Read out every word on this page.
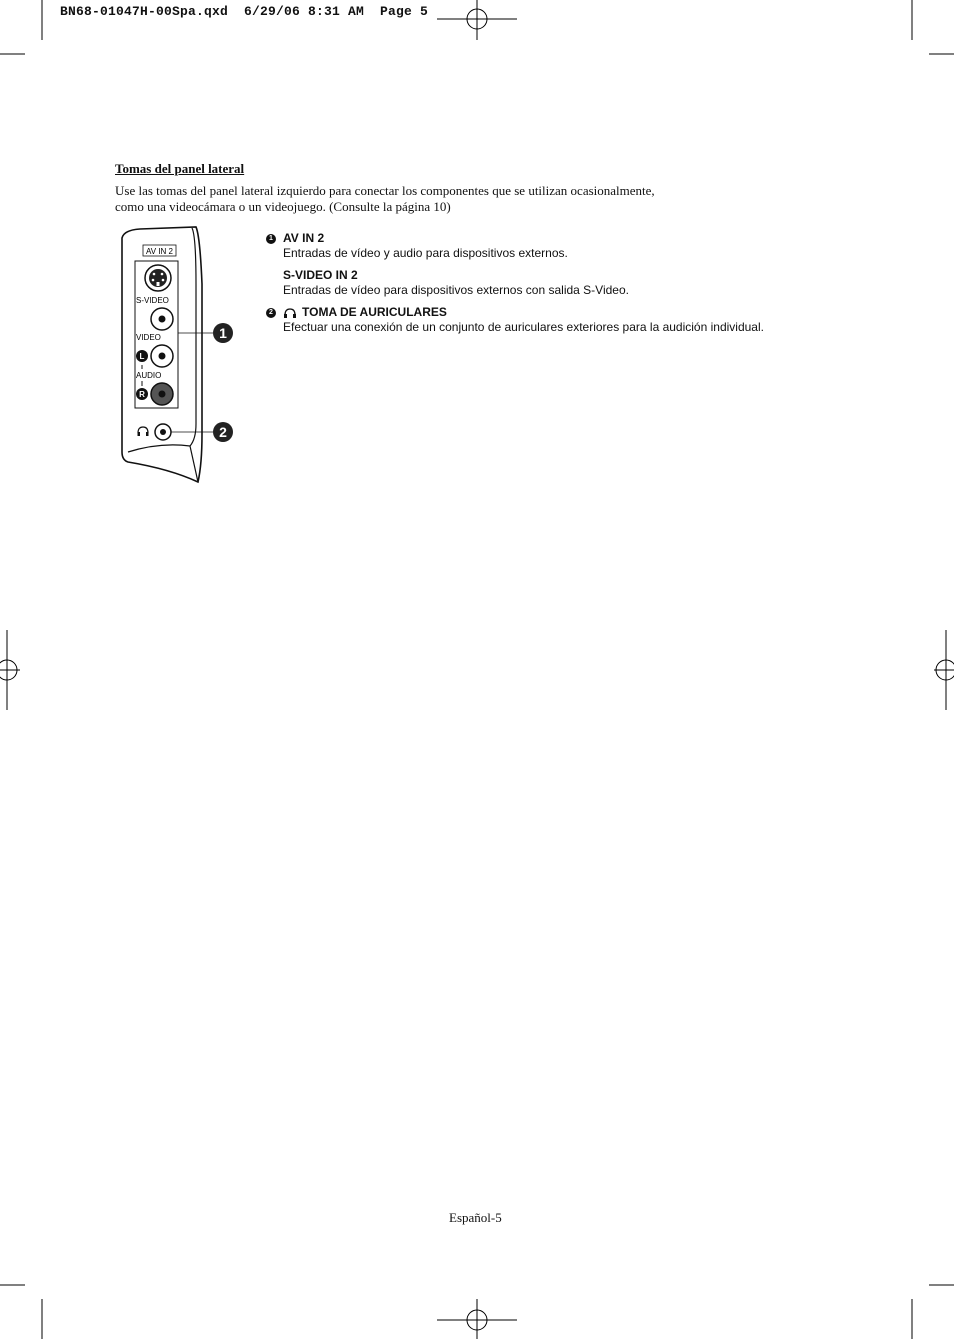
BN68-01047H-00Spa.qxd  6/29/06 8:31 AM  Page 5
Tomas del panel lateral
Use las tomas del panel lateral izquierdo para conectar los componentes que se utilizan ocasionalmente,
como una videocámara o un videojuego. (Consulte la página 10)
AV IN 2
S-VIDEO
VIDEO
L
AUDIO
R
1
2
1 AV IN 2
Entradas de vídeo y audio para dispositivos externos.
S-VIDEO IN 2
Entradas de vídeo para dispositivos externos con salida S-Video.
2 TOMA DE AURICULARES
Efectuar una conexión de un conjunto de auriculares exteriores para la audición individual.
Español-5
